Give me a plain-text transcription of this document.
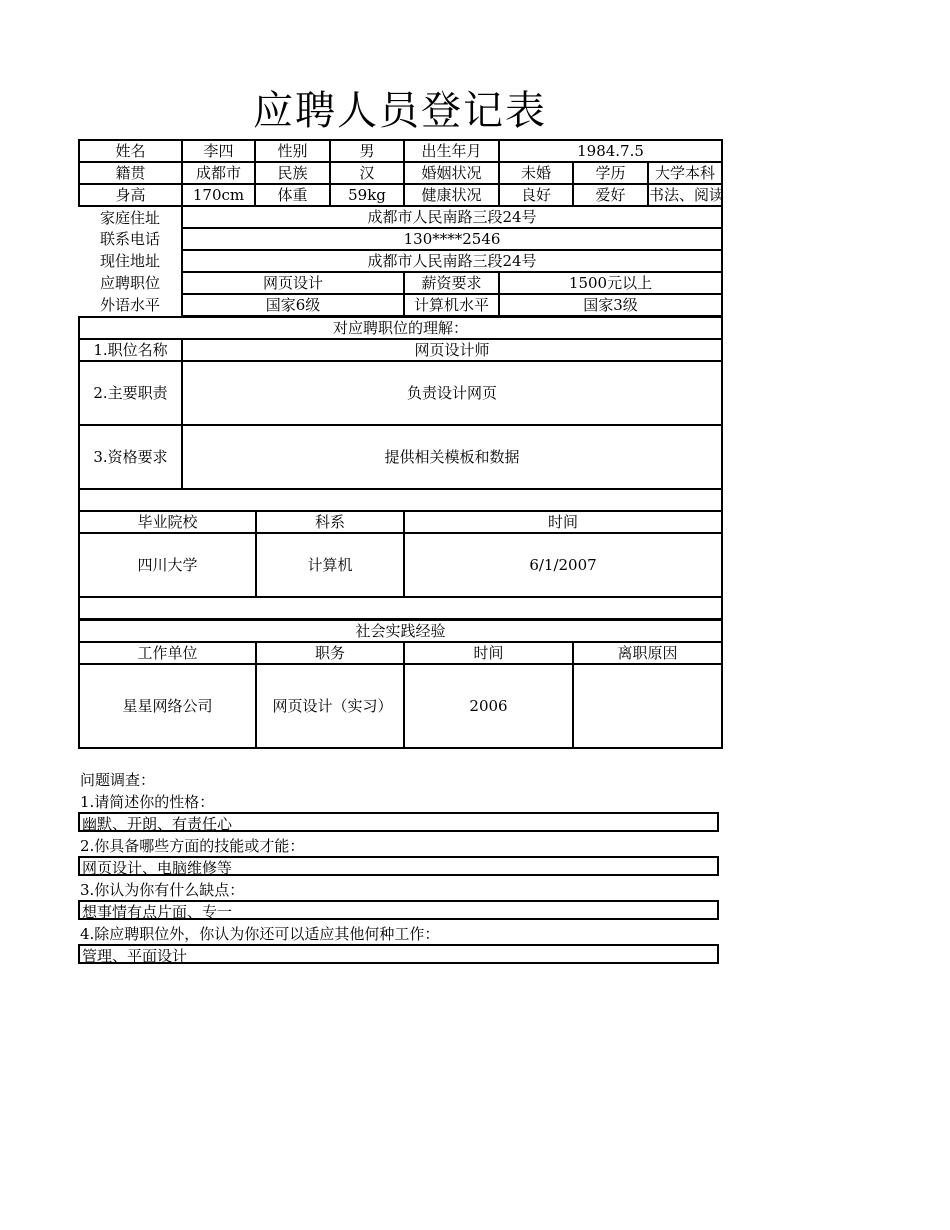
应聘人员登记表
姓名	李四	性别	男	出生年月	1984.7.5		
籍贯	成都市	民族	汉	婚姻状况	未婚	学历	大学本科
身高	170cm	体重	59kg	健康状况	良好	爱好	书法、阅读
家庭住址	成都市人民南路三段24号						
联系电话	130****2546						
现住地址	成都市人民南路三段24号						
应聘职位	网页设计			薪资要求	1500元以上		
外语水平	国家6级			计算机水平	国家3级		
对应聘职位的理解：	
1.职位名称	网页设计师
2.主要职责	负责设计网页
3.资格要求	提供相关模板和数据

毕业院校	科系	时间
四川大学	计算机	6/1/2007

社会实践经验			
工作单位	职务	时间	离职原因
星星网络公司	网页设计（实习）	2006	
问题调查：
1.请简述你的性格：
幽默、开朗、有责任心
2.你具备哪些方面的技能或才能：
网页设计、电脑维修等
3.你认为你有什么缺点：
想事情有点片面、专一
4.除应聘职位外，你认为你还可以适应其他何种工作：
管理、平面设计
